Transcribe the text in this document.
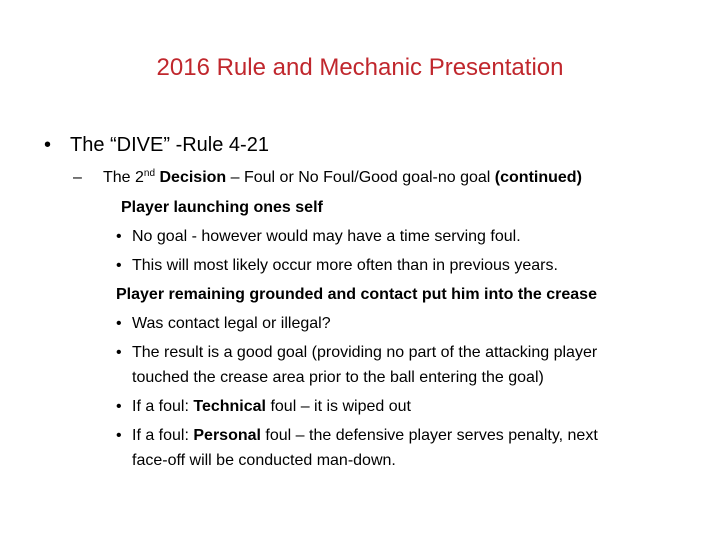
2016 Rule and Mechanic Presentation
• The “DIVE” -Rule 4-21
– The 2nd Decision – Foul or No Foul/Good goal-no goal (continued)
Player launching ones self
• No goal - however would may have a time serving foul.
• This will most likely occur more often than in previous years.
Player remaining grounded and contact put him into the crease
• Was contact legal or illegal?
• The result is a good goal (providing no part of the attacking player
touched the crease area prior to the ball entering the goal)
• If a foul: Technical foul – it is wiped out
• If a foul: Personal foul – the defensive player serves penalty, next
face-off will be conducted man-down.
